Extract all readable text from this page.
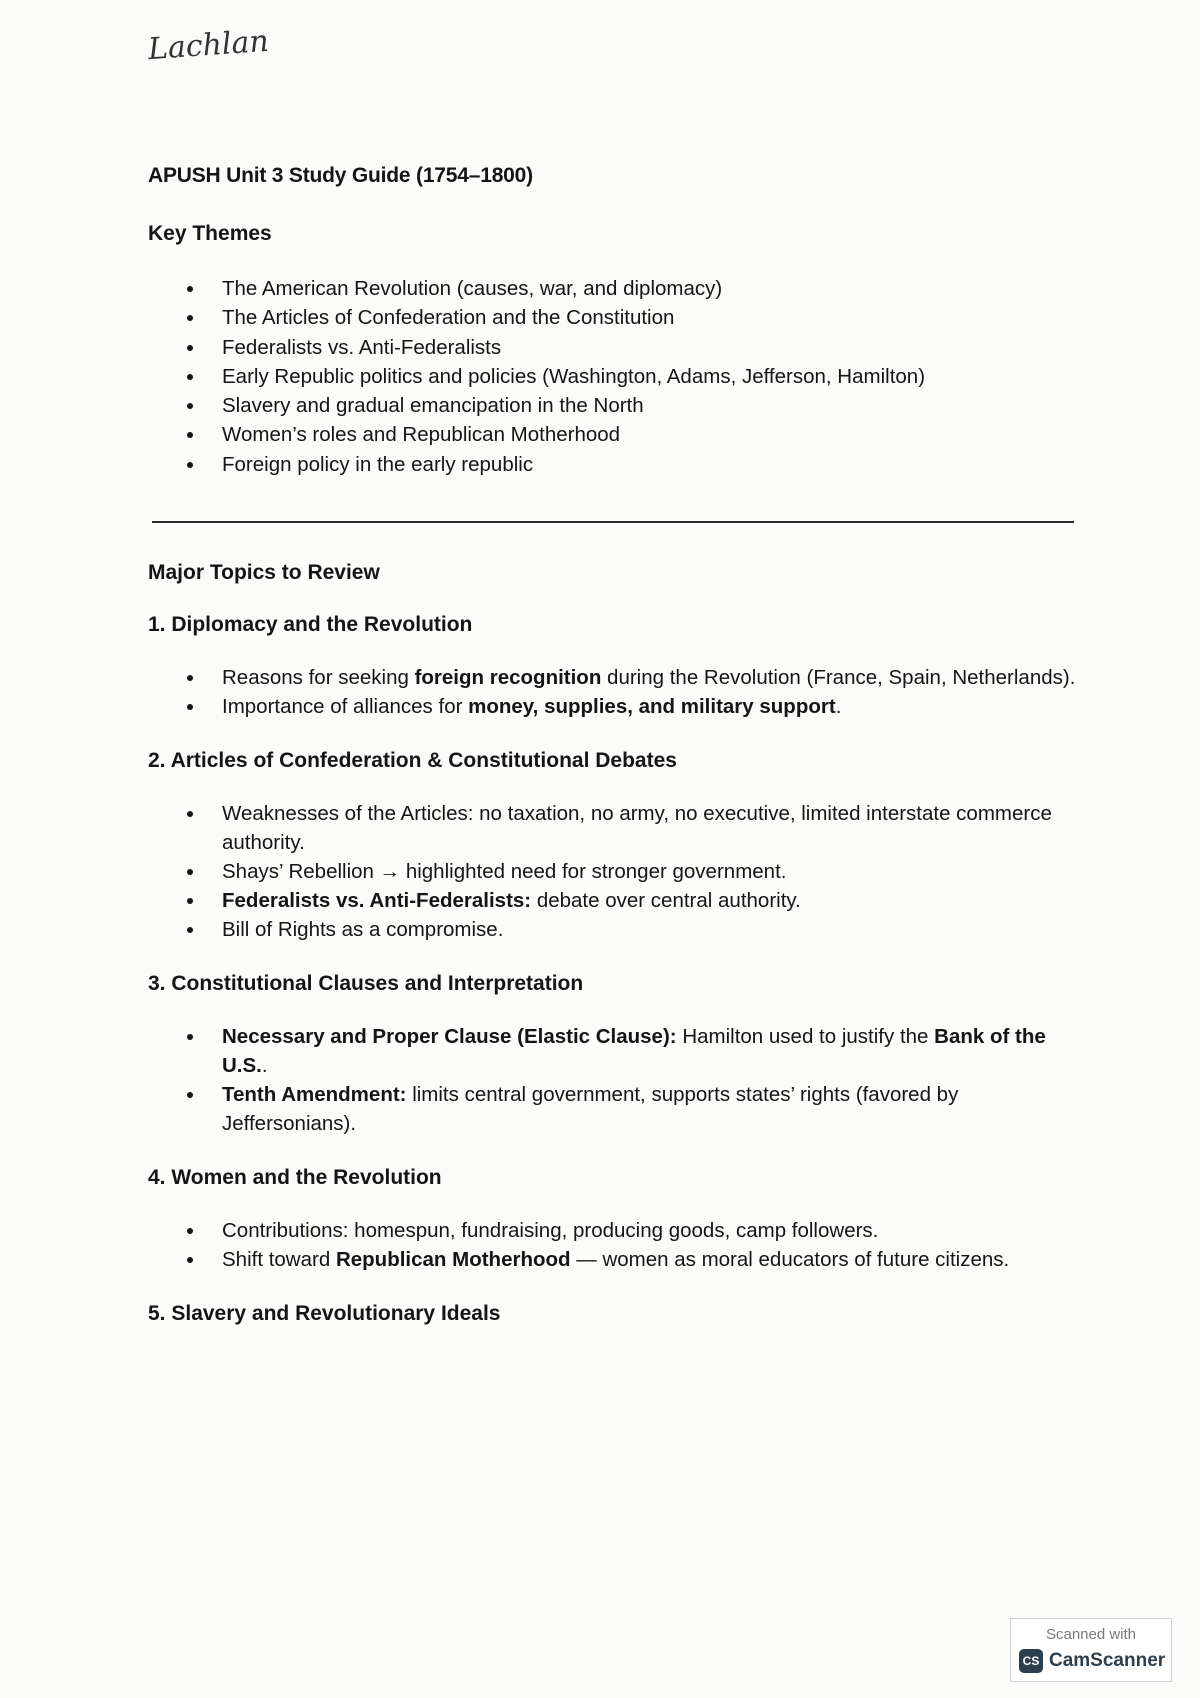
Lachlan
APUSH Unit 3 Study Guide (1754–1800)
Key Themes
The American Revolution (causes, war, and diplomacy)
The Articles of Confederation and the Constitution
Federalists vs. Anti-Federalists
Early Republic politics and policies (Washington, Adams, Jefferson, Hamilton)
Slavery and gradual emancipation in the North
Women’s roles and Republican Motherhood
Foreign policy in the early republic
Major Topics to Review
1. Diplomacy and the Revolution
Reasons for seeking foreign recognition during the Revolution (France, Spain, Netherlands).
Importance of alliances for money, supplies, and military support.
2. Articles of Confederation & Constitutional Debates
Weaknesses of the Articles: no taxation, no army, no executive, limited interstate commerce authority.
Shays’ Rebellion → highlighted need for stronger government.
Federalists vs. Anti-Federalists: debate over central authority.
Bill of Rights as a compromise.
3. Constitutional Clauses and Interpretation
Necessary and Proper Clause (Elastic Clause): Hamilton used to justify the Bank of the U.S..
Tenth Amendment: limits central government, supports states’ rights (favored by Jeffersonians).
4. Women and the Revolution
Contributions: homespun, fundraising, producing goods, camp followers.
Shift toward Republican Motherhood — women as moral educators of future citizens.
5. Slavery and Revolutionary Ideals
Scanned with
CS CamScanner
